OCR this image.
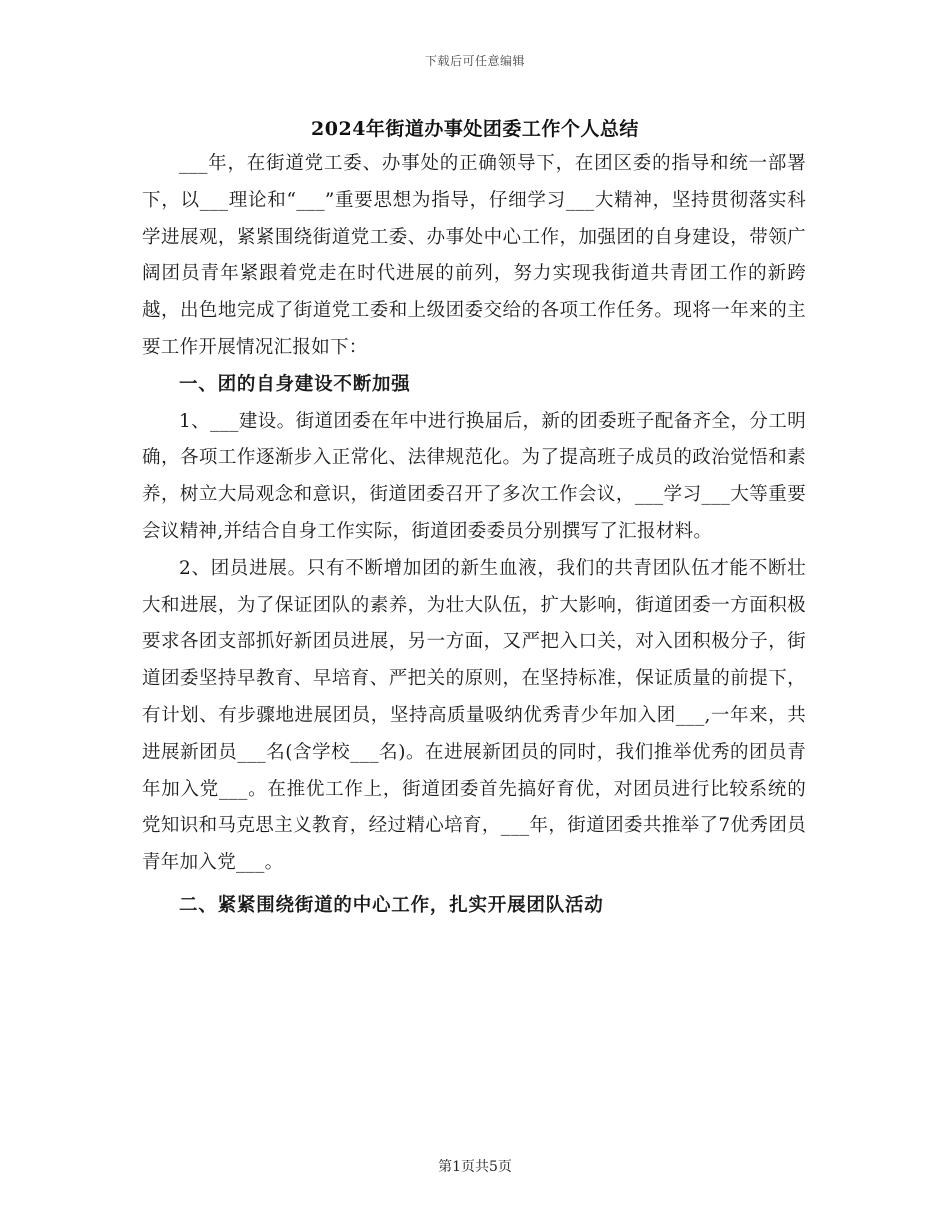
下载后可任意编辑
2024年街道办事处团委工作个人总结

___年，在街道党工委、办事处的正确领导下，在团区委的指导和统一部署下，以___理论和“___”重要思想为指导，仔细学习___大精神，坚持贯彻落实科学进展观，紧紧围绕街道党工委、办事处中心工作，加强团的自身建设，带领广阔团员青年紧跟着党走在时代进展的前列，努力实现我街道共青团工作的新跨越，出色地完成了街道党工委和上级团委交给的各项工作任务。现将一年来的主要工作开展情况汇报如下：

一、团的自身建设不断加强

1、___建设。街道团委在年中进行换届后，新的团委班子配备齐全，分工明确，各项工作逐渐步入正常化、法律规范化。为了提高班子成员的政治觉悟和素养，树立大局观念和意识，街道团委召开了多次工作会议，___学习___大等重要会议精神,并结合自身工作实际，街道团委委员分别撰写了汇报材料。

2、团员进展。只有不断增加团的新生血液，我们的共青团队伍才能不断壮大和进展，为了保证团队的素养，为壮大队伍，扩大影响，街道团委一方面积极要求各团支部抓好新团员进展，另一方面，又严把入口关，对入团积极分子，街道团委坚持早教育、早培育、严把关的原则，在坚持标准，保证质量的前提下，有计划、有步骤地进展团员，坚持高质量吸纳优秀青少年加入团___,一年来，共进展新团员___名(含学校___名)。在进展新团员的同时，我们推举优秀的团员青年加入党___。在推优工作上，街道团委首先搞好育优，对团员进行比较系统的党知识和马克思主义教育，经过精心培育，___年，街道团委共推举了7优秀团员青年加入党___。

二、紧紧围绕街道的中心工作，扎实开展团队活动

第1页共5页
